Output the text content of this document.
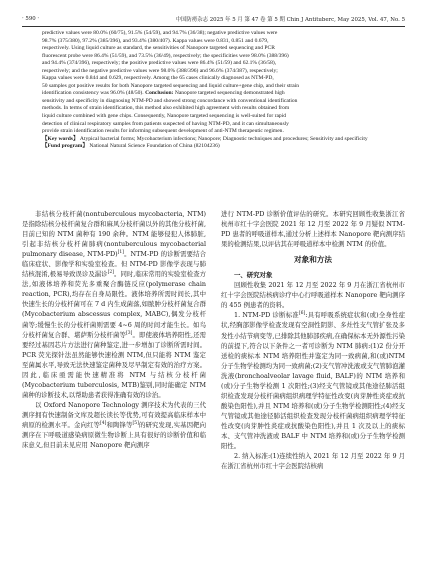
· 590 ·	中国防痨杂志 2025 年 5 月 第 47 卷 第 5 期 Chin J Antituberc, May 2025, Vol. 47, No. 5

predictive values were 80.0% (60/75), 91.5% (54/59), and 94.7% (36/38); negative predictive values were

98.7% (375/380), 97.2% (385/396), and 93.4% (380/407). Kappa values were 0.831, 0.851 and 0.679,

respectively. Using liquid culture as standard, the sensitivities of Nanopore targeted sequencing and PCR

fluorescent probe were 86.4% (51/59), and 73.5% (36/49), respectively; the specificities were 98.0% (388/396)

and 94.4% (374/396), respectively; the positive predictive values were 86.4% (51/59) and 62.1% (36/58),

respectively; and the negative predictive values were 98.0% (388/396) and 96.6% (374/387), respectively;

Kappa values were 0.844 and 0.629, respectively. Among the 65 cases clinically diagnosed as NTM-PD,

50 samples got positive results for both Nanopore targeted sequencing and liquid culture+gene chip, and their strain

identification consistency was 96.0% (48/50). Conclusion: Nanopore targeted sequencing demonstrated high

sensitivity and specificity in diagnosing NTM-PD and showed strong concordance with conventional identification

methods. In terms of strain identification, this method also exhibited high agreement with results obtained from

liquid culture combined with gene chips. Consequently, Nanopore targeted sequencing is well-suited for rapid

detection of clinical respiratory samples from patients suspected of having NTM-PD, and it can simultaneously

provide strain identification results for informing subsequent development of anti-NTM therapeutic regimen.

【Key words】 Atypical bacterial forms; Mycobacterium infections; Nanopore; Diagnostic techniques and procedures; Sensitivity and specificity

【Fund program】 National Natural Science Foundation of China (82104236)

非结核分枝杆菌(nontuberculous mycobacteria, NTM)是指除结核分枝杆菌复合群和麻风分枝杆菌以外的其他分枝杆菌,目前已知的 NTM 菌种有 190 余种。NTM 能够侵犯人体肺脏,引起非结核分枝杆菌肺病(nontuberculous mycobacterial pulmonary disease, NTM-PD)[1]。NTM-PD 的诊断需要结合临床症状、影像学和实验室检查。但 NTM-PD 影像学表现与肺结核混淆,极易导致误诊及漏诊[2]。同时,临床常用的实验室检查方法,如液体培养和荧光多重聚合酶链反应(polymerase chain reaction, PCR),均存在自身局限性。液体培养所需时间长,其中快速生长的分枝杆菌可在 7 d 内生成菌落,如脓肿分枝杆菌复合群(Mycobacterium abscessus complex, MABC),偶发分枝杆菌等;缓慢生长的分枝杆菌则需要 4~6 周的时间才能生长。如鸟分枝杆菌复合群、堪萨斯分枝杆菌等[3]。即使液体培养阳性,还需要经过基因芯片方法进行菌种鉴定,进一步增加了诊断所需时间。PCR 荧光探针法虽然能够快速检测 NTM,但只能将 NTM 鉴定至菌属水平,导致无法快速鉴定菌种及尽早制定有效的治疗方案。因此,临床亟需能快速精准将 NTM 与结核分枝杆菌(Mycobacterium tuberculosis, MTB)鉴别,同时能确定 NTM 菌种的诊断技术,以帮助患者获得准确有效的诊治。

以 Oxford Nanopore Technology 测序技术为代表的三代测序拥有快速制备文库及超长读长等优势,可有效提高临床样本中病原的检测水平。金向红等[4]和陶锋等[5]的研究发现,实基因靶向测序在下呼吸道感染病原微生物诊断上具有很好的诊断价值和临床意义,但目前未见应用 Nanopore 靶向测序

进行 NTM-PD 诊断价值评估的研究。本研究回顾性收集浙江省杭州市红十字会医院 2021 年 12 月至 2022 年 9 月疑似 NTM-PD 患者的呼吸道样本,通过分析上述样本 Nanopore 靶向测序结果的检测结果,以评估其在呼吸道样本中检测 NTM 的价值。

对象和方法

一、研究对象

回顾性收集 2021 年 12 月至 2022 年 9 月在浙江省杭州市红十字会医院结核病诊疗中心行呼吸道样本 Nanopore 靶向测序的 455 例患者的资料。

1. NTM-PD 诊断标准[6]:具有呼吸系统症状和(或)全身性症状,经胸部影像学检查发现有空洞性阴影、多灶性支气管扩张及多发性小结节病变等,已排除其他肺部疾病,在确保标本无外源性污染的前提下,符合以下条件之一者可诊断为 NTM 肺病:(1)2 份分开送检的痰标本 NTM 培养阳性并鉴定为同一致病菌,和(或)NTM 分子生物学检测均为同一致病菌;(2)支气管冲洗液或支气管肺泡灌洗液(bronchoalveolar lavage fluid, BALF)的 NTM 培养和(或)分子生物学检测 1 次阳性;(3)经支气管镜或其他途径肺活组织检查发现分枝杆菌病组织病理学特征性改变(肉芽肿性炎症或抗酸染色阳性),并且 NTM 培养和(或)分子生物学检测阳性;(4)经支气管镜或其他途径肺活组织检查发现分枝杆菌病组织病理学特征性改变(肉芽肿性炎症或抗酸染色阳性),并且 1 次及以上的痰标本、支气管冲洗液或 BALF 中 NTM 培养和(或)分子生物学检测阳性。

2. 纳入标准:(1)连续性纳入 2021 年 12 月至 2022 年 9 月在浙江省杭州市红十字会医院结核病
